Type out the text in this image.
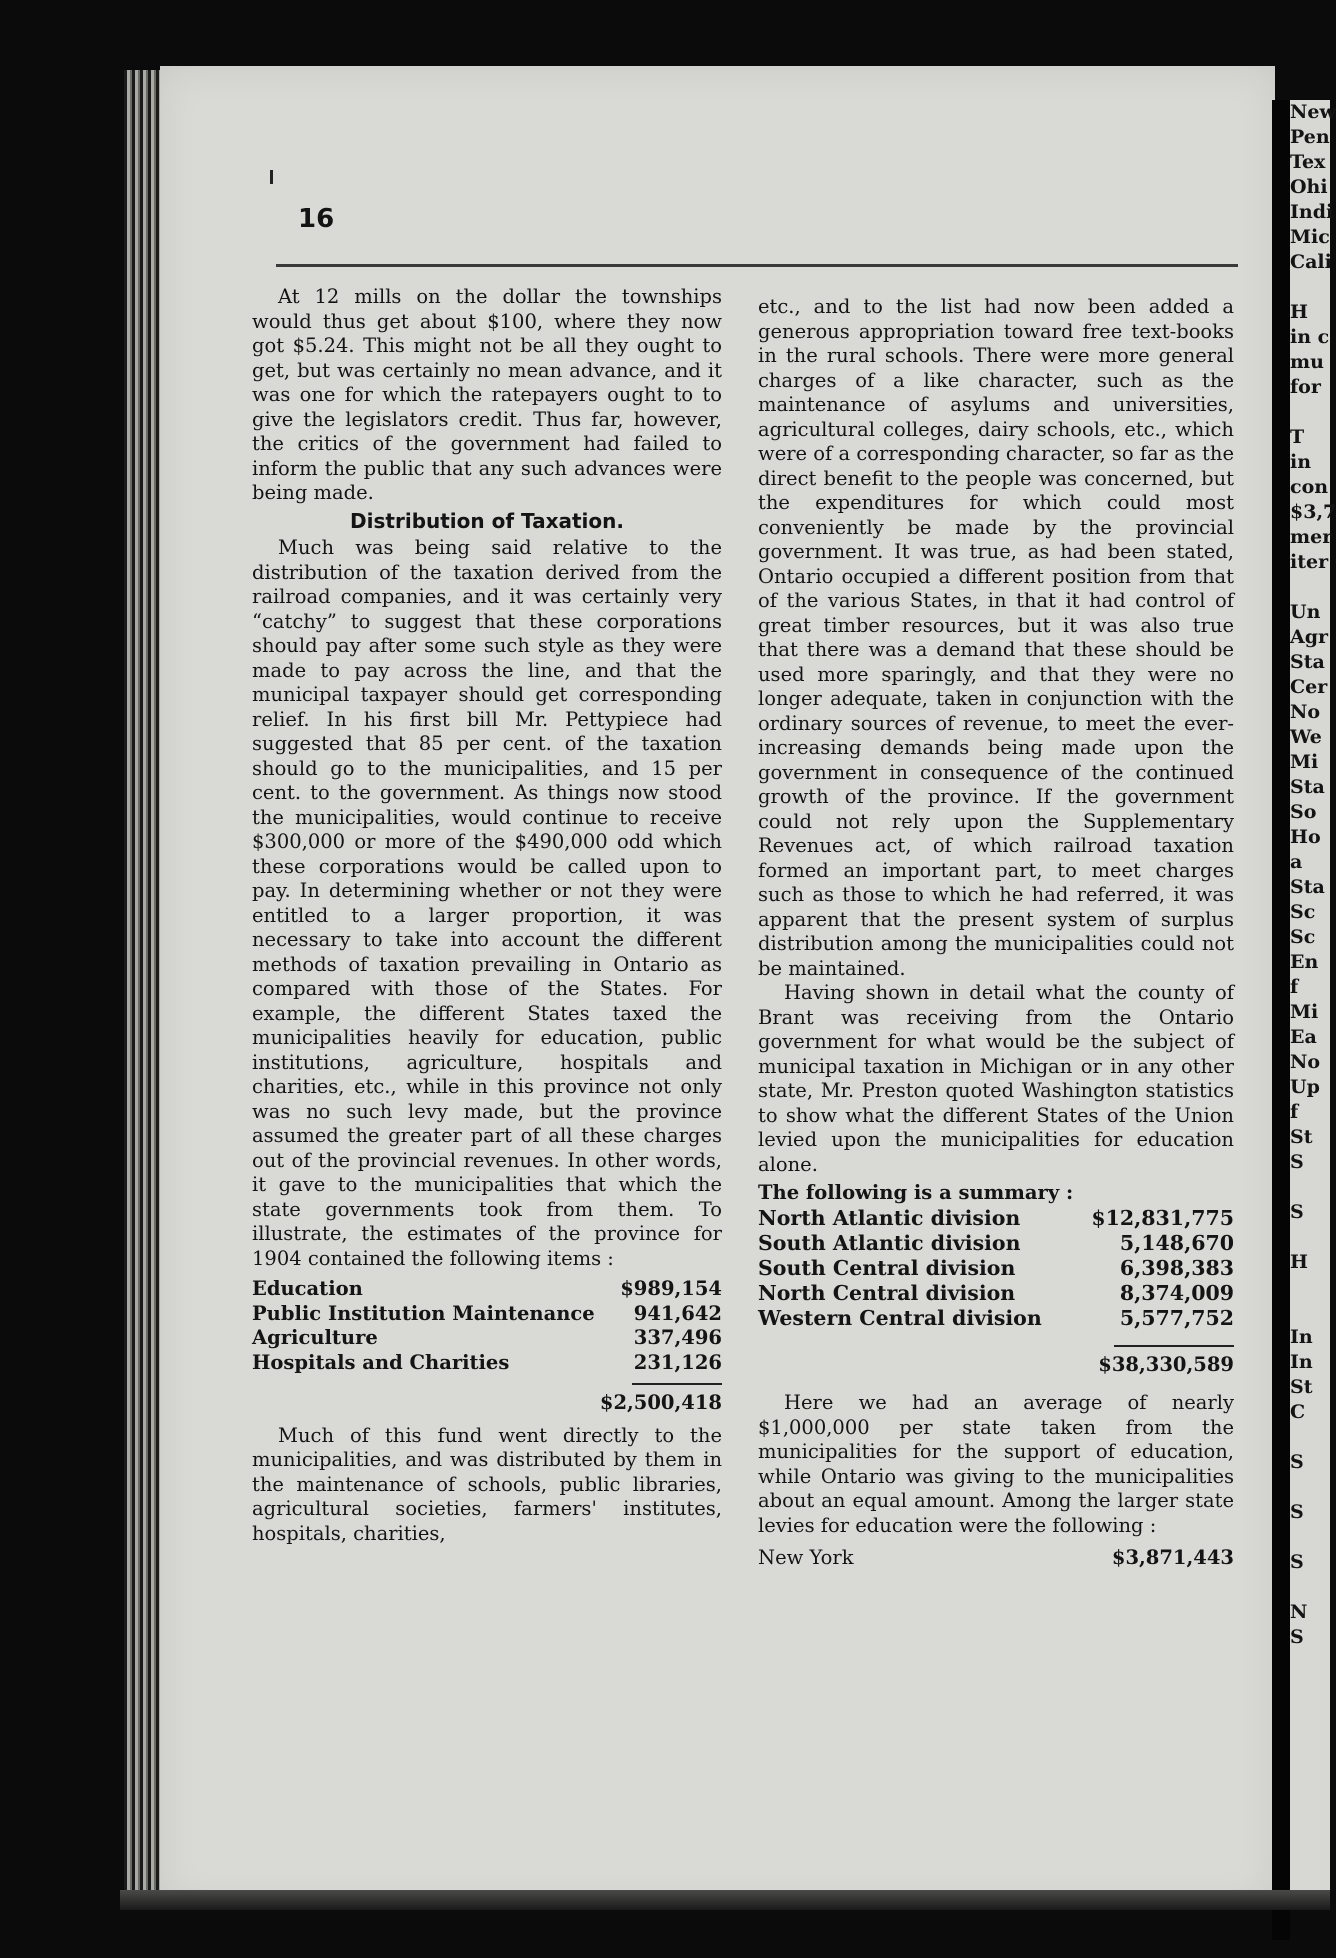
New
Pen
Tex
Ohi
Indi
Mic
Cali

H
in c
mu
for

T
in
con
$3,7
mer
iter

Un
Agr
Sta
Cer
No
We
Mi
Sta
So
Ho
a
Sta
Sc
Sc
En
f
Mi
Ea
No
Up
f
St
S

S

H

In
In
St
C

S

S

S

N
S
16

At 12 mills on the dollar the townships would thus get about $100, where they now got $5.24. This might not be all they ought to get, but was certainly no mean advance, and it was one for which the ratepayers ought to to give the legislators credit. Thus far, however, the critics of the government had failed to inform the public that any such advances were being made.

Distribution of Taxation.

Much was being said relative to the distribution of the taxation derived from the railroad companies, and it was certainly very “catchy” to suggest that these corporations should pay after some such style as they were made to pay across the line, and that the municipal taxpayer should get corresponding relief. In his first bill Mr. Pettypiece had suggested that 85 per cent. of the taxation should go to the municipalities, and 15 per cent. to the government. As things now stood the municipalities, would continue to receive $300,000 or more of the $490,000 odd which these corporations would be called upon to pay. In determining whether or not they were entitled to a larger proportion, it was necessary to take into account the different methods of taxation prevailing in Ontario as compared with those of the States. For example, the different States taxed the municipalities heavily for education, public institutions, agriculture, hospitals and charities, etc., while in this province not only was no such levy made, but the province assumed the greater part of all these charges out of the provincial revenues. In other words, it gave to the municipalities that which the state governments took from them. To illustrate, the estimates of the province for 1904 contained the following items :

Education	$989,154
Public Institution Maintenance 941,642
Agriculture	337,496
Hospitals and Charities	231,126
$2,500,418

Much of this fund went directly to the municipalities, and was distributed by them in the maintenance of schools, public libraries, agricultural societies, farmers' institutes, hospitals, charities,

etc., and to the list had now been added a generous appropriation toward free text-books in the rural schools. There were more general charges of a like character, such as the maintenance of asylums and universities, agricultural colleges, dairy schools, etc., which were of a corresponding character, so far as the direct benefit to the people was concerned, but the expenditures for which could most conveniently be made by the provincial government. It was true, as had been stated, Ontario occupied a different position from that of the various States, in that it had control of great timber resources, but it was also true that there was a demand that these should be used more sparingly, and that they were no longer adequate, taken in conjunction with the ordinary sources of revenue, to meet the ever-increasing demands being made upon the government in consequence of the continued growth of the province. If the government could not rely upon the Supplementary Revenues act, of which railroad taxation formed an important part, to meet charges such as those to which he had referred, it was apparent that the present system of surplus distribution among the municipalities could not be maintained.

Having shown in detail what the county of Brant was receiving from the Ontario government for what would be the subject of municipal taxation in Michigan or in any other state, Mr. Preston quoted Washington statistics to show what the different States of the Union levied upon the municipalities for education alone.

The following is a summary :

North Atlantic division	$12,831,775
South Atlantic division	5,148,670
South Central division	6,398,383
North Central division	8,374,009
Western Central division	5,577,752
$38,330,589

Here we had an average of nearly $1,000,000 per state taken from the municipalities for the support of education, while Ontario was giving to the municipalities about an equal amount. Among the larger state levies for education were the following :

New York	$3,871,443
